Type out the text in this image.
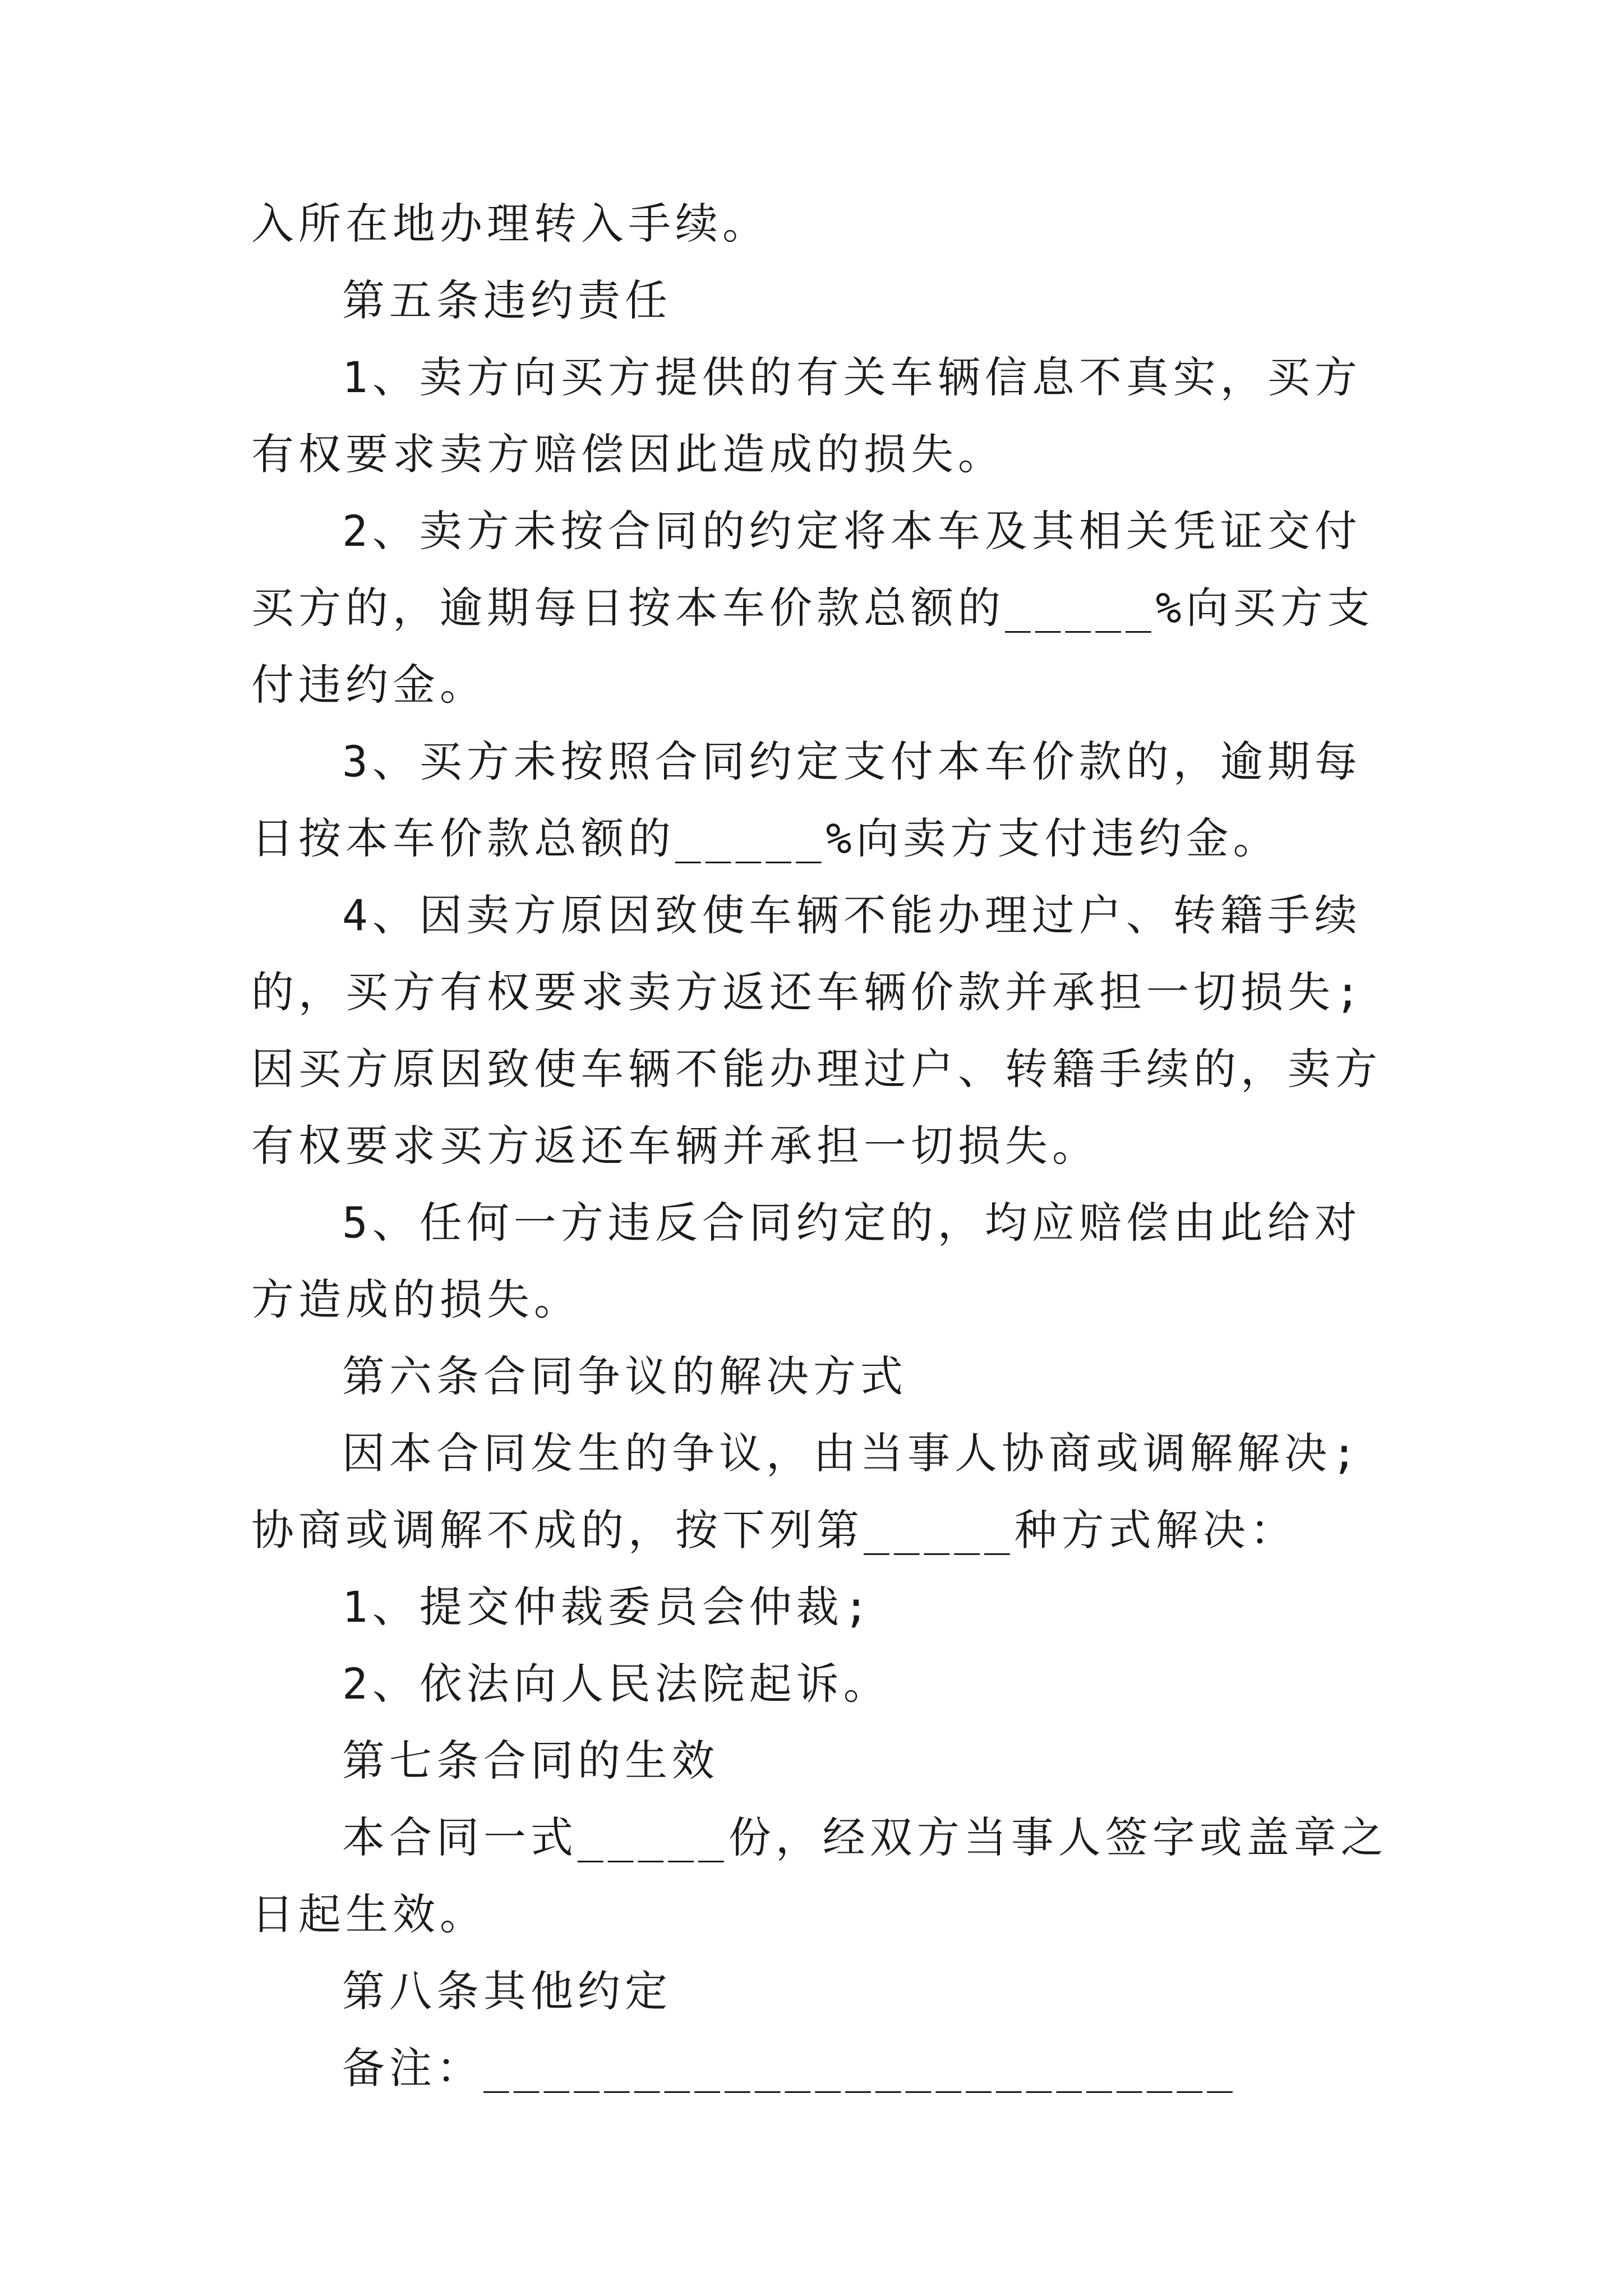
入所在地办理转入手续。

第五条违约责任

1、卖方向买方提供的有关车辆信息不真实，买方有权要求卖方赔偿因此造成的损失。

2、卖方未按合同的约定将本车及其相关凭证交付买方的，逾期每日按本车价款总额的_____%向买方支付违约金。

3、买方未按照合同约定支付本车价款的，逾期每日按本车价款总额的_____%向卖方支付违约金。

4、因卖方原因致使车辆不能办理过户、转籍手续的，买方有权要求卖方返还车辆价款并承担一切损失;因买方原因致使车辆不能办理过户、转籍手续的，卖方有权要求买方返还车辆并承担一切损失。

5、任何一方违反合同约定的，均应赔偿由此给对方造成的损失。

第六条合同争议的解决方式

因本合同发生的争议，由当事人协商或调解解决;协商或调解不成的，按下列第_____种方式解决：

1、提交仲裁委员会仲裁;

2、依法向人民法院起诉。

第七条合同的生效

本合同一式_____份，经双方当事人签字或盖章之日起生效。

第八条其他约定

备注：_________________________
